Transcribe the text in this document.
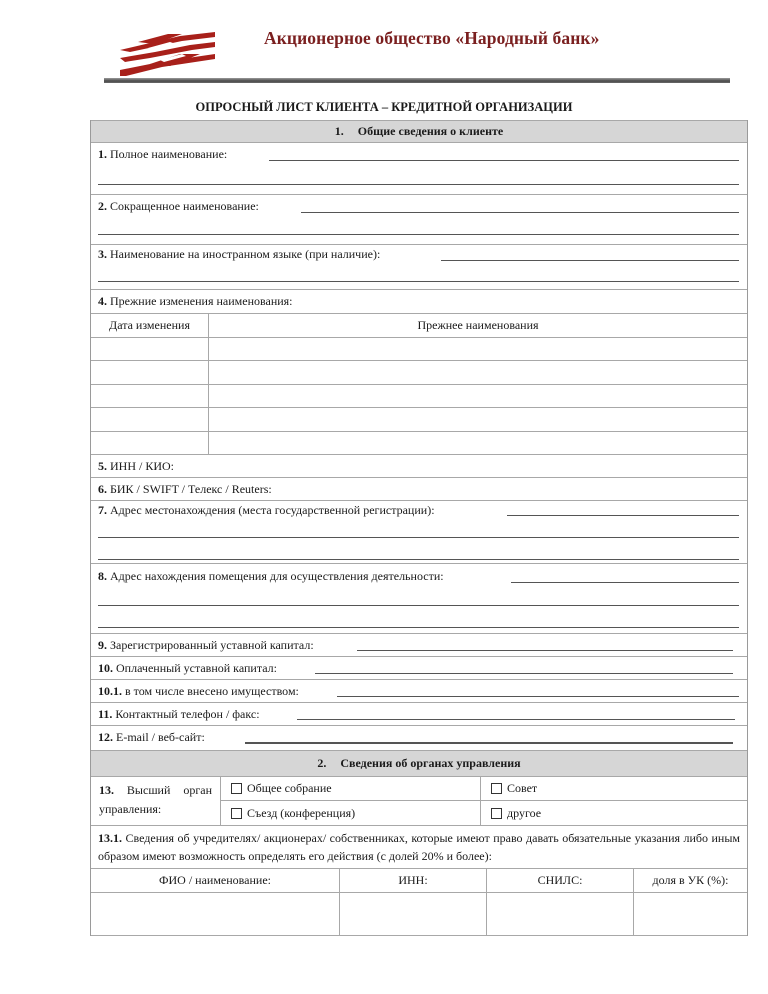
Акционерное общество «Народный банк»
ОПРОСНЫЙ ЛИСТ КЛИЕНТА – КРЕДИТНОЙ ОРГАНИЗАЦИИ
1. Общие сведения о клиенте
1. Полное наименование:
2. Сокращенное наименование:
3. Наименование на иностранном языке (при наличие):
4. Прежние изменения наименования:
Дата изменения	Прежнее наименования
5. ИНН / КИО:
6. БИК / SWIFT / Телекс / Reuters:
7. Адрес местонахождения (места государственной регистрации):
8. Адрес нахождения помещения для осуществления деятельности:
9. Зарегистрированный уставной капитал:
10. Оплаченный уставной капитал:
10.1. в том числе внесено имуществом:
11. Контактный телефон / факс:
12. E-mail / веб-сайт:
2. Сведения об органах управления
13. Высший орган управления:
Общее собрание	Совет
Съезд (конференция)	другое
13.1. Сведения об учредителях/ акционерах/ собственниках, которые имеют право давать обязательные указания либо иным образом имеют возможность определять его действия (с долей 20% и более):
ФИО / наименование:	ИНН:	СНИЛС:	доля в УК (%):
